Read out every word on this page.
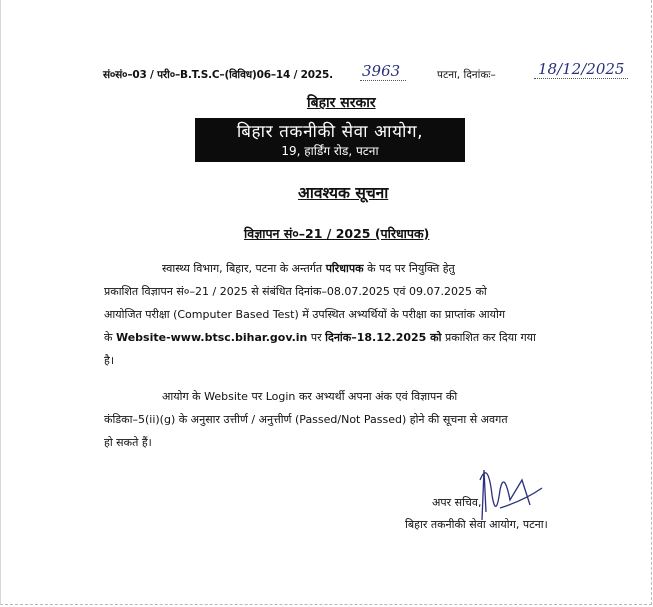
सं०सं०–03 / परी०–B.T.S.C–(विविध)06–14 / 2025. 3963	पटना, दिनांकः–	18/12/2025
बिहार सरकार
बिहार तकनीकी सेवा आयोग,
19, हार्डिंग रोड, पटना
आवश्यक सूचना
विज्ञापन सं०–21 / 2025 (परिधापक)
स्वास्थ्य विभाग, बिहार, पटना के अन्तर्गत परिधापक के पद पर नियुक्ति हेतु
प्रकाशित विज्ञापन सं०–21 / 2025 से संबंधित दिनांक–08.07.2025 एवं 09.07.2025 को
आयोजित परीक्षा (Computer Based Test) में उपस्थित अभ्यर्थियों के परीक्षा का प्राप्तांक आयोग
के Website-www.btsc.bihar.gov.in पर दिनांक–18.12.2025 को प्रकाशित कर दिया गया
है।
आयोग के Website पर Login कर अभ्यर्थी अपना अंक एवं विज्ञापन की
कंडिका–5(ii)(g) के अनुसार उत्तीर्ण / अनुत्तीर्ण (Passed/Not Passed) होने की सूचना से अवगत
हो सकते हैं।
अपर सचिव,
बिहार तकनीकी सेवा आयोग, पटना।
